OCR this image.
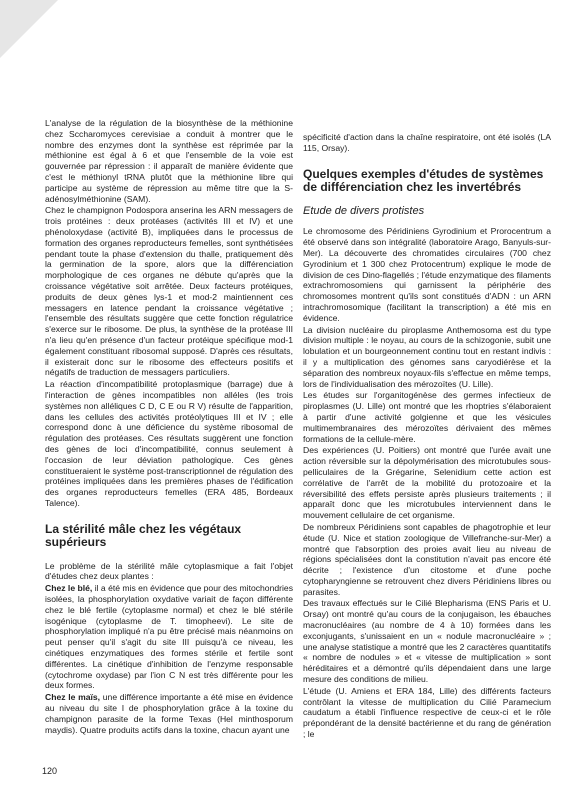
L'analyse de la régulation de la biosynthèse de la méthionine chez Sccharomyces cerevisiae a conduit à montrer que le nombre des enzymes dont la synthèse est réprimée par la méthionine est égal à 6 et que l'ensemble de la voie est gouvernée par répression : il apparaît de manière évidente que c'est le méthionyl tRNA plutôt que la méthionine libre qui participe au système de répression au même titre que la S-adénosylméthionine (SAM).

Chez le champignon Podospora anserina les ARN messagers de trois protéines : deux protéases (activités III et IV) et une phénoloxydase (activité B), impliquées dans le processus de formation des organes reproducteurs femelles, sont synthétisées pendant toute la phase d'extension du thalle, pratiquement dès la germination de la spore, alors que la différenciation morphologique de ces organes ne débute qu'après que la croissance végétative soit arrêtée. Deux facteurs protéiques, produits de deux gènes lys-1 et mod-2 maintiennent ces messagers en latence pendant la croissance végétative ; l'ensemble des résultats suggère que cette fonction régulatrice s'exerce sur le ribosome. De plus, la synthèse de la protéase III n'a lieu qu'en présence d'un facteur protéique spécifique mod-1 également constituant ribosomal supposé. D'après ces résultats, il existerait donc sur le ribosome des effecteurs positifs et négatifs de traduction de messagers particuliers.

La réaction d'incompatibilité protoplasmique (barrage) due à l'interaction de gènes incompatibles non alléles (les trois systèmes non alléliques C D, C E ou R V) résulte de l'apparition, dans les cellules des activités protéolytiques III et IV ; elle correspond donc à une déficience du système ribosomal de régulation des protéases. Ces résultats suggèrent une fonction des gènes de loci d'incompatibilité, connus seulement à l'occasion de leur déviation pathologique. Ces gènes constitueraient le système post-transcriptionnel de régulation des protéines impliquées dans les premières phases de l'édification des organes reproducteurs femelles (ERA 485, Bordeaux Talence).

La stérilité mâle chez les végétaux supérieurs

Le problème de la stérilité mâle cytoplasmique a fait l'objet d'études chez deux plantes :

Chez le blé, il a été mis en évidence que pour des mitochondries isolées, la phosphorylation oxydative variait de façon différente chez le blé fertile (cytoplasme normal) et chez le blé stérile isogénique (cytoplasme de T. timopheevi). Le site de phosphorylation impliqué n'a pu être précisé mais néanmoins on peut penser qu'il s'agit du site III puisqu'à ce niveau, les cinétiques enzymatiques des formes stérile et fertile sont différentes. La cinétique d'inhibition de l'enzyme responsable (cytochrome oxydase) par l'ion C N est très différente pour les deux formes.

Chez le maïs, une différence importante a été mise en évidence au niveau du site I de phosphorylation grâce à la toxine du champignon parasite de la forme Texas (Hel minthosporum maydis). Quatre produits actifs dans la toxine, chacun ayant une

spécificité d'action dans la chaîne respiratoire, ont été isolés (LA 115, Orsay).

Quelques exemples d'études de systèmes de différenciation chez les invertébrés
Etude de divers protistes

Le chromosome des Péridiniens Gyrodinium et Prorocentrum a été observé dans son intégralité (laboratoire Arago, Banyuls-sur-Mer). La découverte des chromatides circulaires (700 chez Gyrodinium et 1 300 chez Protocentrum) explique le mode de division de ces Dino-flagellés ; l'étude enzymatique des filaments extrachromosomiens qui garnissent la périphérie des chromosomes montrent qu'ils sont constitués d'ADN : un ARN intrachromosomique (facilitant la transcription) a été mis en évidence.

La division nucléaire du piroplasme Anthemosoma est du type division multiple : le noyau, au cours de la schizogonie, subit une lobulation et un bourgeonnement continu tout en restant indivis : il y a multiplication des génomes sans caryodiérèse et la séparation des nombreux noyaux-fils s'effectue en même temps, lors de l'individualisation des mérozoïtes (U. Lille).

Les études sur l'organitogénèse des germes infectieux de piroplasmes (U. Lille) ont montré que les rhoptries s'élaboraient à partir d'une activité golgienne et que les vésicules multimembranaires des mérozoïtes dérivaient des mêmes formations de la cellule-mère.

Des expériences (U. Poitiers) ont montré que l'urée avait une action réversible sur la dépolymérisation des microtubules sous-pelliculaires de la Grégarine, Selenidium cette action est corrélative de l'arrêt de la mobilité du protozoaire et la réversibilité des effets persiste après plusieurs traitements ; il apparaît donc que les microtubules interviennent dans le mouvement cellulaire de cet organisme.

De nombreux Péridiniens sont capables de phagotrophie et leur étude (U. Nice et station zoologique de Villefranche-sur-Mer) a montré que l'absorption des proies avait lieu au niveau de régions spécialisées dont la constitution n'avait pas encore été décrite ; l'existence d'un citostome et d'une poche cytopharyngienne se retrouvent chez divers Péridiniens libres ou parasites.

Des travaux effectués sur le Cilié Blepharisma (ENS Paris et U. Orsay) ont montré qu'au cours de la conjugaison, les ébauches macronucléaires (au nombre de 4 à 10) formées dans les exconjugants, s'unissaient en un « nodule macronucléaire » ; une analyse statistique a montré que les 2 caractères quantitatifs « nombre de nodules » et « vitesse de multiplication » sont héréditaires et a démontré qu'ils dépendaient dans une large mesure des conditions de milieu.

L'étude (U. Amiens et ERA 184, Lille) des différents facteurs contrôlant la vitesse de multiplication du Cilié Paramecium caudatum a établi l'influence respective de ceux-ci et le rôle prépondérant de la densité bactérienne et du rang de génération ; le

120
